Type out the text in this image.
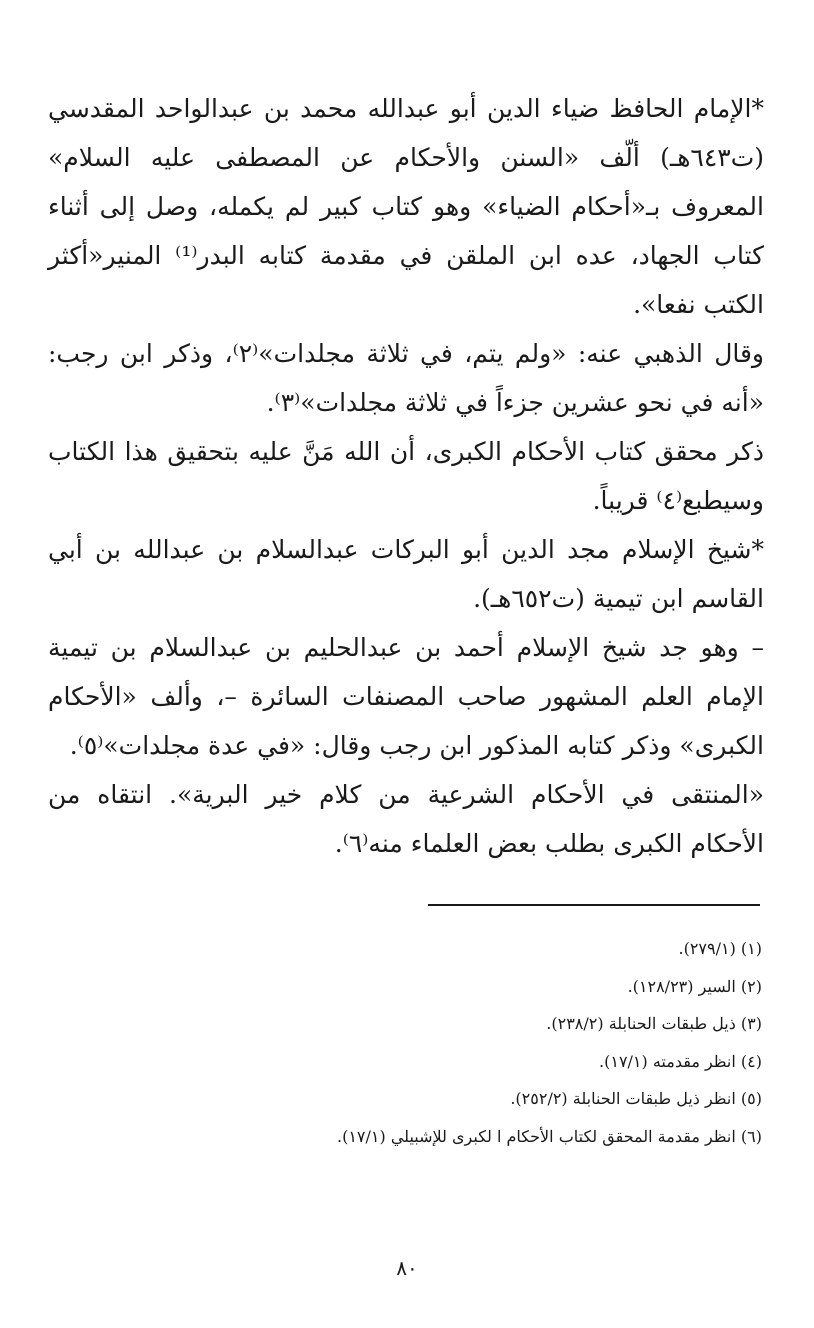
*الإمام الحافظ ضياء الدين أبو عبدالله محمد بن عبدالواحد المقدسي (ت٦٤٣هـ) ألّف «السنن والأحكام عن المصطفى عليه السلام» المعروف بـ«أحكام الضياء» وهو كتاب كبير لم يكمله، وصل إلى أثناء كتاب الجهاد، عده ابن الملقن في مقدمة كتابه البدر⁽¹⁾ المنير«أكثر الكتب نفعا».

وقال الذهبي عنه: «ولم يتم، في ثلاثة مجلدات»⁽٢⁾، وذكر ابن رجب: «أنه في نحو عشرين جزءاً في ثلاثة مجلدات»⁽٣⁾.

ذكر محقق كتاب الأحكام الكبرى، أن الله مَنَّ عليه بتحقيق هذا الكتاب وسيطبع⁽٤⁾ قريباً.

*شيخ الإسلام مجد الدين أبو البركات عبدالسلام بن عبدالله بن أبي القاسم ابن تيمية (ت٦٥٢هـ).

– وهو جد شيخ الإسلام أحمد بن عبدالحليم بن عبدالسلام بن تيمية الإمام العلم المشهور صاحب المصنفات السائرة –، وألف «الأحكام الكبرى» وذكر كتابه المذكور ابن رجب وقال: «في عدة مجلدات»⁽٥⁾.

«المنتقى في الأحكام الشرعية من كلام خير البرية». انتقاه من الأحكام الكبرى بطلب بعض العلماء منه⁽٦⁾.

(١) (٢٧٩/١).

(٢) السير (١٢٨/٢٣).

(٣) ذيل طبقات الحنابلة (٢٣٨/٢).

(٤) انظر مقدمته (١٧/١).

(٥) انظر ذيل طبقات الحنابلة (٢٥٢/٢).

(٦) انظر مقدمة المحقق لكتاب الأحكام ا لكبرى للإشبيلي (١٧/١).

٨٠
